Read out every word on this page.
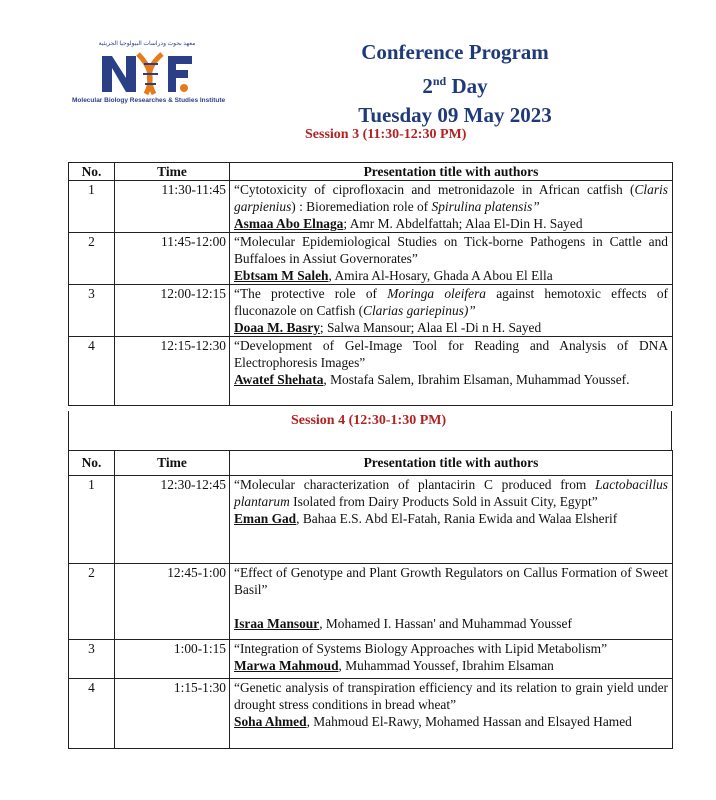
معهد بحوث ودراسات البيولوجيا الجزيئية
Molecular Biology Researches & Studies Institute
Conference Program
2nd Day
Tuesday 09 May 2023
Session 3 (11:30-12:30 PM)
No.	Time	Presentation title with authors
1	11:30-11:45	“Cytotoxicity of ciprofloxacin and metronidazole in African catfish (Claris garpienius) : Bioremediation role of Spirulina platensis”
Asmaa Abo Elnaga; Amr M. Abdelfattah; Alaa El-Din H. Sayed
2	11:45-12:00	“Molecular Epidemiological Studies on Tick-borne Pathogens in Cattle and Buffaloes in Assiut Governorates”
Ebtsam M Saleh, Amira Al-Hosary, Ghada A Abou El Ella
3	12:00-12:15	“The protective role of Moringa oleifera against hemotoxic effects of fluconazole on Catfish (Clarias gariepinus)”
Doaa M. Basry; Salwa Mansour; Alaa El -Di n H. Sayed
4	12:15-12:30	“Development of Gel-Image Tool for Reading and Analysis of DNA Electrophoresis Images”
Awatef Shehata, Mostafa Salem, Ibrahim Elsaman, Muhammad Youssef.
Session 4 (12:30-1:30 PM)
No.	Time	Presentation title with authors
1	12:30-12:45	“Molecular characterization of plantacirin C produced from Lactobacillus plantarum Isolated from Dairy Products Sold in Assuit City, Egypt”
Eman Gad, Bahaa E.S. Abd El-Fatah, Rania Ewida and Walaa Elsherif
2	12:45-1:00	“Effect of Genotype and Plant Growth Regulators on Callus Formation of Sweet Basil”
Israa Mansour, Mohamed I. Hassan' and Muhammad Youssef
3	1:00-1:15	“Integration of Systems Biology Approaches with Lipid Metabolism”
Marwa Mahmoud, Muhammad Youssef, Ibrahim Elsaman
4	1:15-1:30	“Genetic analysis of transpiration efficiency and its relation to grain yield under drought stress conditions in bread wheat”
Soha Ahmed, Mahmoud El-Rawy, Mohamed Hassan and Elsayed Hamed
